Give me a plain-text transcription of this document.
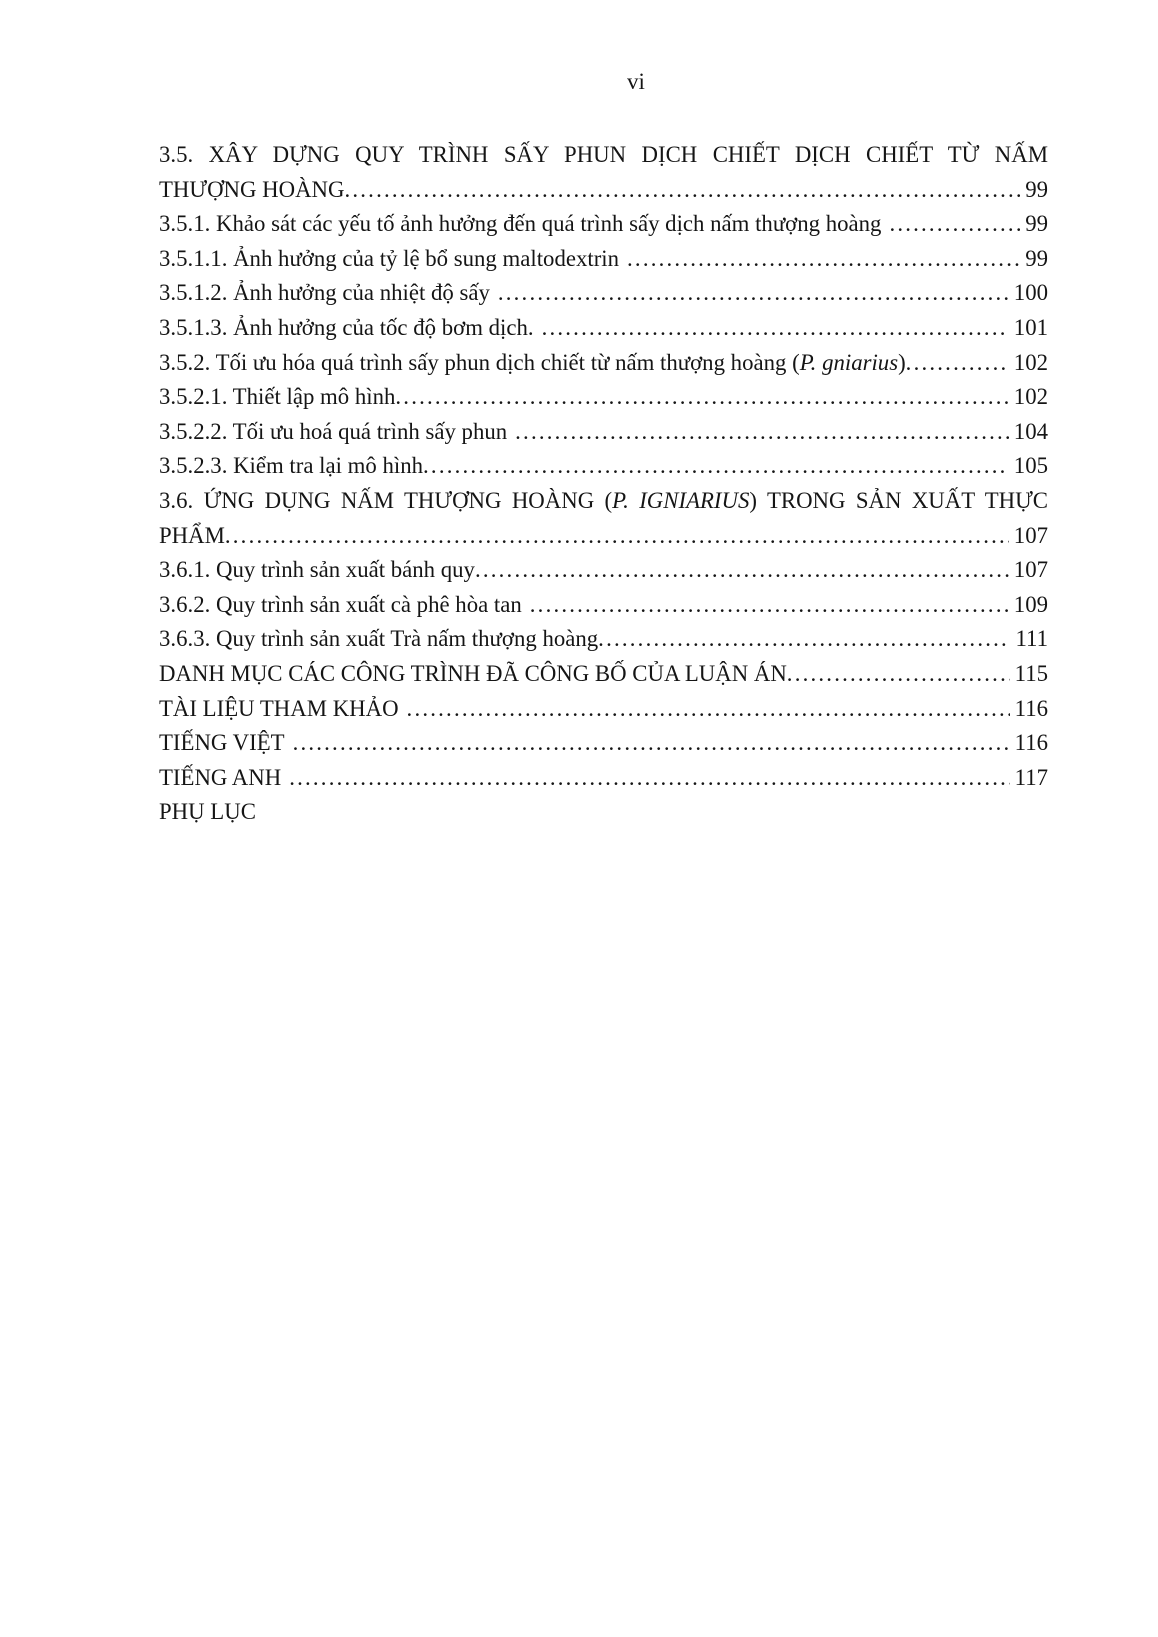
vi
3.5. XÂY DỰNG QUY TRÌNH SẤY PHUN DỊCH CHIẾT DỊCH CHIẾT TỪ NẤM
THƯỢNG HOÀNG .....	99
3.5.1. Khảo sát các yếu tố ảnh hưởng đến quá trình sấy dịch nấm thượng hoàng .....	99
3.5.1.1. Ảnh hưởng của tỷ lệ bổ sung maltodextrin .....	99
3.5.1.2. Ảnh hưởng của nhiệt độ sấy .....	100
3.5.1.3. Ảnh hưởng của tốc độ bơm dịch. .....	101
3.5.2. Tối ưu hóa quá trình sấy phun dịch chiết từ nấm thượng hoàng (P. gniarius) .....	102
3.5.2.1. Thiết lập mô hình .....	102
3.5.2.2. Tối ưu hoá quá trình sấy phun .....	104
3.5.2.3. Kiểm tra lại mô hình .....	105
3.6. ỨNG DỤNG NẤM THƯỢNG HOÀNG (P. IGNIARIUS) TRONG SẢN XUẤT THỰC
PHẨM .....	107
3.6.1. Quy trình sản xuất bánh quy .....	107
3.6.2. Quy trình sản xuất cà phê hòa tan .....	109
3.6.3. Quy trình sản xuất Trà nấm thượng hoàng .....	111
DANH MỤC CÁC CÔNG TRÌNH ĐÃ CÔNG BỐ CỦA LUẬN ÁN .....	115
TÀI LIỆU THAM KHẢO .....	116
TIẾNG VIỆT .....	116
TIẾNG ANH .....	117
PHỤ LỤC
